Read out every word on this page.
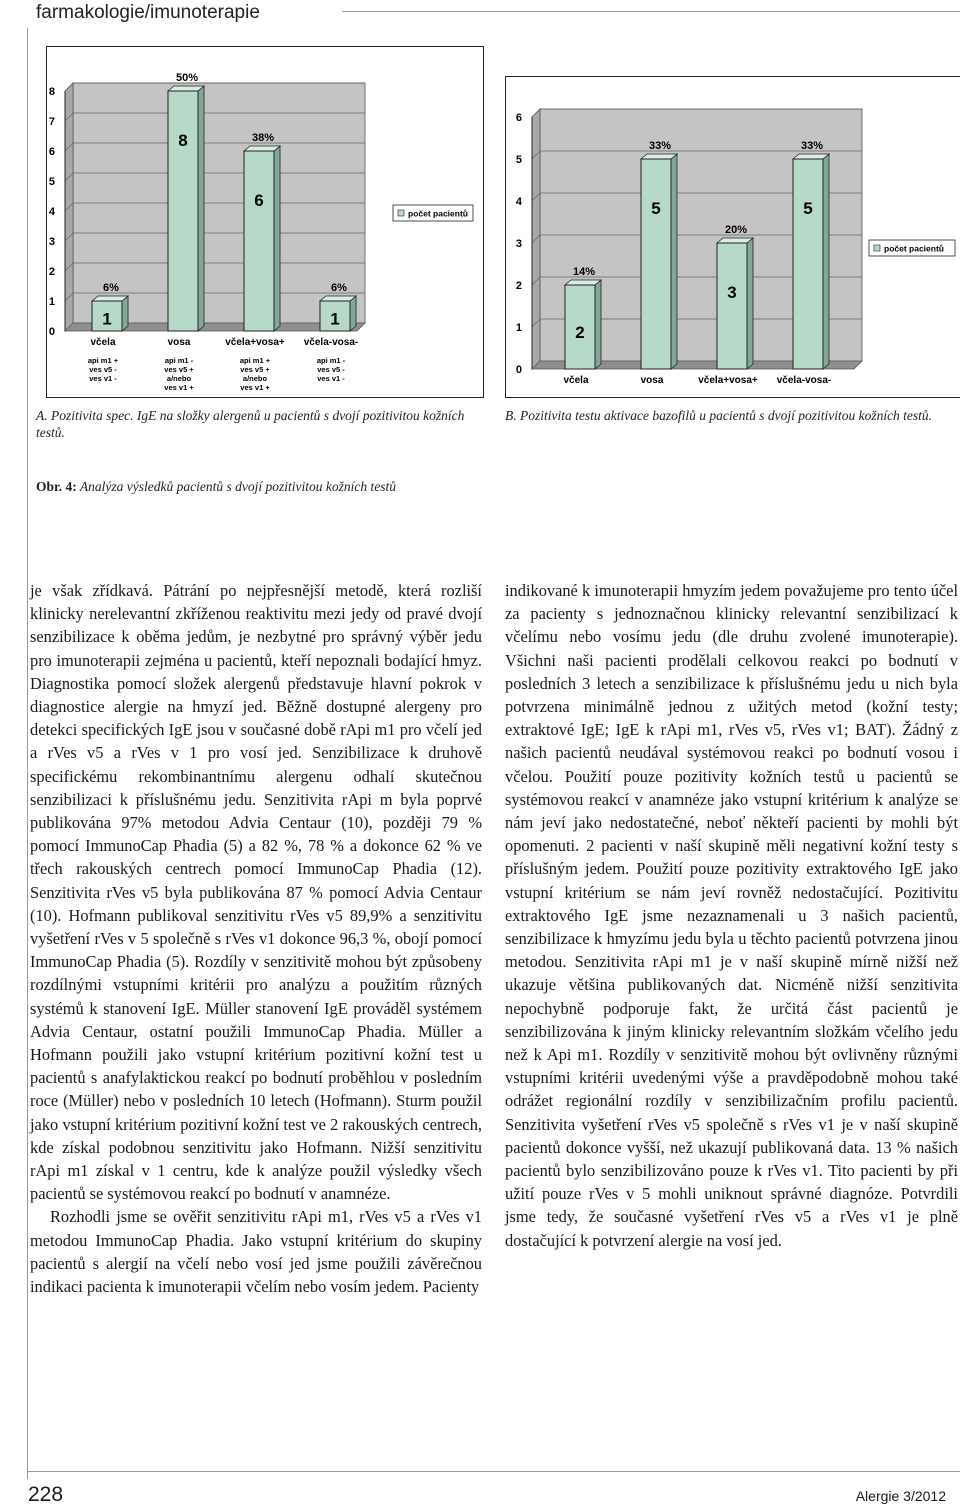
farmakologie/imunoterapie
0
1
2
3
4
5
6
7
8
1
6%
včela
api m1 +
ves v5 -
ves v1 -
8
50%
vosa
api m1 -
ves v5 +
a/nebo
ves v1 +
6
38%
včela+vosa+
api m1 +
ves v5 +
a/nebo
ves v1 +
1
6%
včela-vosa-
api m1 -
ves v5 -
ves v1 -
počet pacientů
A. Pozitivita spec. IgE na složky alergenů u pacientů s dvojí pozitivitou kožních testů.
0
1
2
3
4
5
6
2
14%
včela
5
33%
vosa
3
20%
včela+vosa+
5
33%
včela-vosa-
počet pacientů
B. Pozitivita testu aktivace bazofilů u pacientů s dvojí pozitivitou kožních testů.
Obr. 4: Analýza výsledků pacientů s dvojí pozitivitou kožních testů

je však zřídkavá. Pátrání po nejpřesnější metodě, která rozliší klinicky nerelevantní zkříženou reaktivitu mezi jedy od pravé dvojí senzibilizace k oběma jedům, je nezbytné pro správný výběr jedu pro imunoterapii zejména u pacientů, kteří nepoznali bodající hmyz. Diagnostika pomocí složek alergenů představuje hlavní pokrok v diagnostice alergie na hmyzí jed. Běžně dostupné alergeny pro detekci specifických IgE jsou v současné době rApi m1 pro včelí jed a rVes v5 a rVes v 1 pro vosí jed. Senzibilizace k druhově specifickému rekombinantnímu alergenu odhalí skutečnou senzibilizaci k příslušnému jedu. Senzitivita rApi m byla poprvé publikována 97% metodou Advia Centaur (10), později 79 % pomocí ImmunoCap Phadia (5) a 82 %, 78 % a dokonce 62 % ve třech rakouských centrech pomocí ImmunoCap Phadia (12). Senzitivita rVes v5 byla publikována 87 % pomocí Advia Centaur (10). Hofmann publikoval senzitivitu rVes v5 89,9% a senzitivitu vyšetření rVes v 5 společně s rVes v1 dokonce 96,3 %, obojí pomocí ImmunoCap Phadia (5). Rozdíly v senzitivitě mohou být způsobeny rozdílnými vstupními kritérii pro analýzu a použitím různých systémů k stanovení IgE. Müller stanovení IgE prováděl systémem Advia Centaur, ostatní použili ImmunoCap Phadia. Müller a Hofmann použili jako vstupní kritérium pozitivní kožní test u pacientů s anafylaktickou reakcí po bodnutí proběhlou v posledním roce (Müller) nebo v posledních 10 letech (Hofmann). Sturm použil jako vstupní kritérium pozitivní kožní test ve 2 rakouských centrech, kde získal podobnou senzitivitu jako Hofmann. Nižší senzitivitu rApi m1 získal v 1 centru, kde k analýze použil výsledky všech pacientů se systémovou reakcí po bodnutí v anamnéze.

Rozhodli jsme se ověřit senzitivitu rApi m1, rVes v5 a rVes v1 metodou ImmunoCap Phadia. Jako vstupní kritérium do skupiny pacientů s alergií na včelí nebo vosí jed jsme použili závěrečnou indikaci pacienta k imunoterapii včelím nebo vosím jedem. Pacienty

indikované k imunoterapii hmyzím jedem považujeme pro tento účel za pacienty s jednoznačnou klinicky relevantní senzibilizací k včelímu nebo vosímu jedu (dle druhu zvolené imunoterapie). Všichni naši pacienti prodělali celkovou reakci po bodnutí v posledních 3 letech a senzibilizace k příslušnému jedu u nich byla potvrzena minimálně jednou z užitých metod (kožní testy; extraktové IgE; IgE k rApi m1, rVes v5, rVes v1; BAT). Žádný z našich pacientů neudával systémovou reakci po bodnutí vosou i včelou. Použití pouze pozitivity kožních testů u pacientů se systémovou reakcí v anamnéze jako vstupní kritérium k analýze se nám jeví jako nedostatečné, neboť někteří pacienti by mohli být opomenuti. 2 pacienti v naší skupině měli negativní kožní testy s příslušným jedem. Použití pouze pozitivity extraktového IgE jako vstupní kritérium se nám jeví rovněž nedostačující. Pozitivitu extraktového IgE jsme nezaznamenali u 3 našich pacientů, senzibilizace k hmyzímu jedu byla u těchto pacientů potvrzena jinou metodou. Senzitivita rApi m1 je v naší skupině mírně nižší než ukazuje většina publikovaných dat. Nicméně nižší senzitivita nepochybně podporuje fakt, že určitá část pacientů je senzibilizována k jiným klinicky relevantním složkám včelího jedu než k Api m1. Rozdíly v senzitivitě mohou být ovlivněny různými vstupními kritérii uvedenými výše a pravděpodobně mohou také odrážet regionální rozdíly v senzibilizačním profilu pacientů. Senzitivita vyšetření rVes v5 společně s rVes v1 je v naší skupině pacientů dokonce vyšší, než ukazují publikovaná data. 13 % našich pacientů bylo senzibilizováno pouze k rVes v1. Tito pacienti by při užití pouze rVes v 5 mohli uniknout správné diagnóze. Potvrdili jsme tedy, že současné vyšetření rVes v5 a rVes v1 je plně dostačující k potvrzení alergie na vosí jed.

228	Alergie 3/2012
